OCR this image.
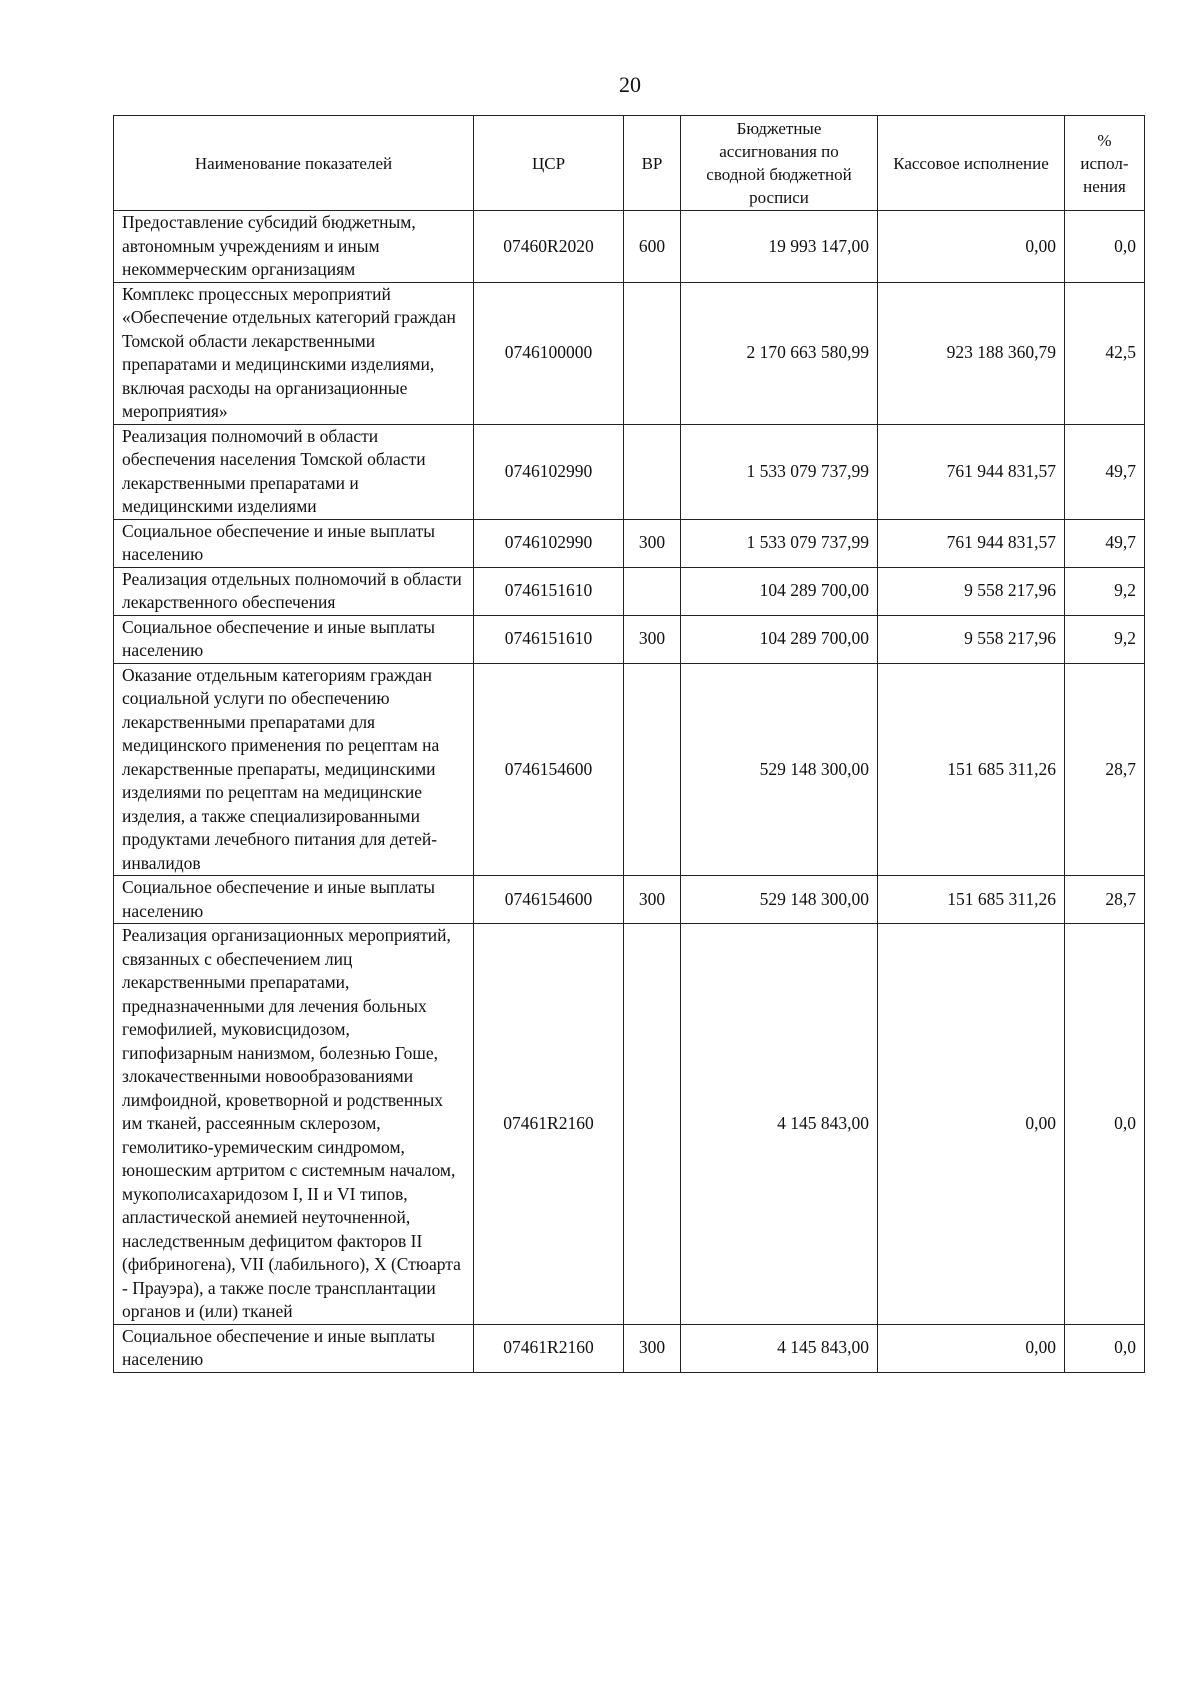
20
Наименование показателей	ЦСР	ВР	Бюджетные ассигнования по сводной бюджетной росписи	Кассовое исполнение	% испол-нения
Предоставление субсидий бюджетным, автономным учреждениям и иным некоммерческим организациям	07460R2020	600	19 993 147,00	0,00	0,0
Комплекс процессных мероприятий «Обеспечение отдельных категорий граждан Томской области лекарственными препаратами и медицинскими изделиями, включая расходы на организационные мероприятия»	0746100000		2 170 663 580,99	923 188 360,79	42,5
Реализация полномочий в области обеспечения населения Томской области лекарственными препаратами и медицинскими изделиями	0746102990		1 533 079 737,99	761 944 831,57	49,7
Социальное обеспечение и иные выплаты населению	0746102990	300	1 533 079 737,99	761 944 831,57	49,7
Реализация отдельных полномочий в области лекарственного обеспечения	0746151610		104 289 700,00	9 558 217,96	9,2
Социальное обеспечение и иные выплаты населению	0746151610	300	104 289 700,00	9 558 217,96	9,2
Оказание отдельным категориям граждан социальной услуги по обеспечению лекарственными препаратами для медицинского применения по рецептам на лекарственные препараты, медицинскими изделиями по рецептам на медицинские изделия, а также специализированными продуктами лечебного питания для детей-инвалидов	0746154600		529 148 300,00	151 685 311,26	28,7
Социальное обеспечение и иные выплаты населению	0746154600	300	529 148 300,00	151 685 311,26	28,7
Реализация организационных мероприятий, связанных с обеспечением лиц лекарственными препаратами, предназначенными для лечения больных гемофилией, муковисцидозом, гипофизарным нанизмом, болезнью Гоше, злокачественными новообразованиями лимфоидной, кроветворной и родственных им тканей, рассеянным склерозом, гемолитико-уремическим синдромом, юношеским артритом с системным началом, мукополисахаридозом I, II и VI типов, апластической анемией неуточненной, наследственным дефицитом факторов II (фибриногена), VII (лабильного), X (Стюарта - Прауэра), а также после трансплантации органов и (или) тканей	07461R2160		4 145 843,00	0,00	0,0
Социальное обеспечение и иные выплаты населению	07461R2160	300	4 145 843,00	0,00	0,0
